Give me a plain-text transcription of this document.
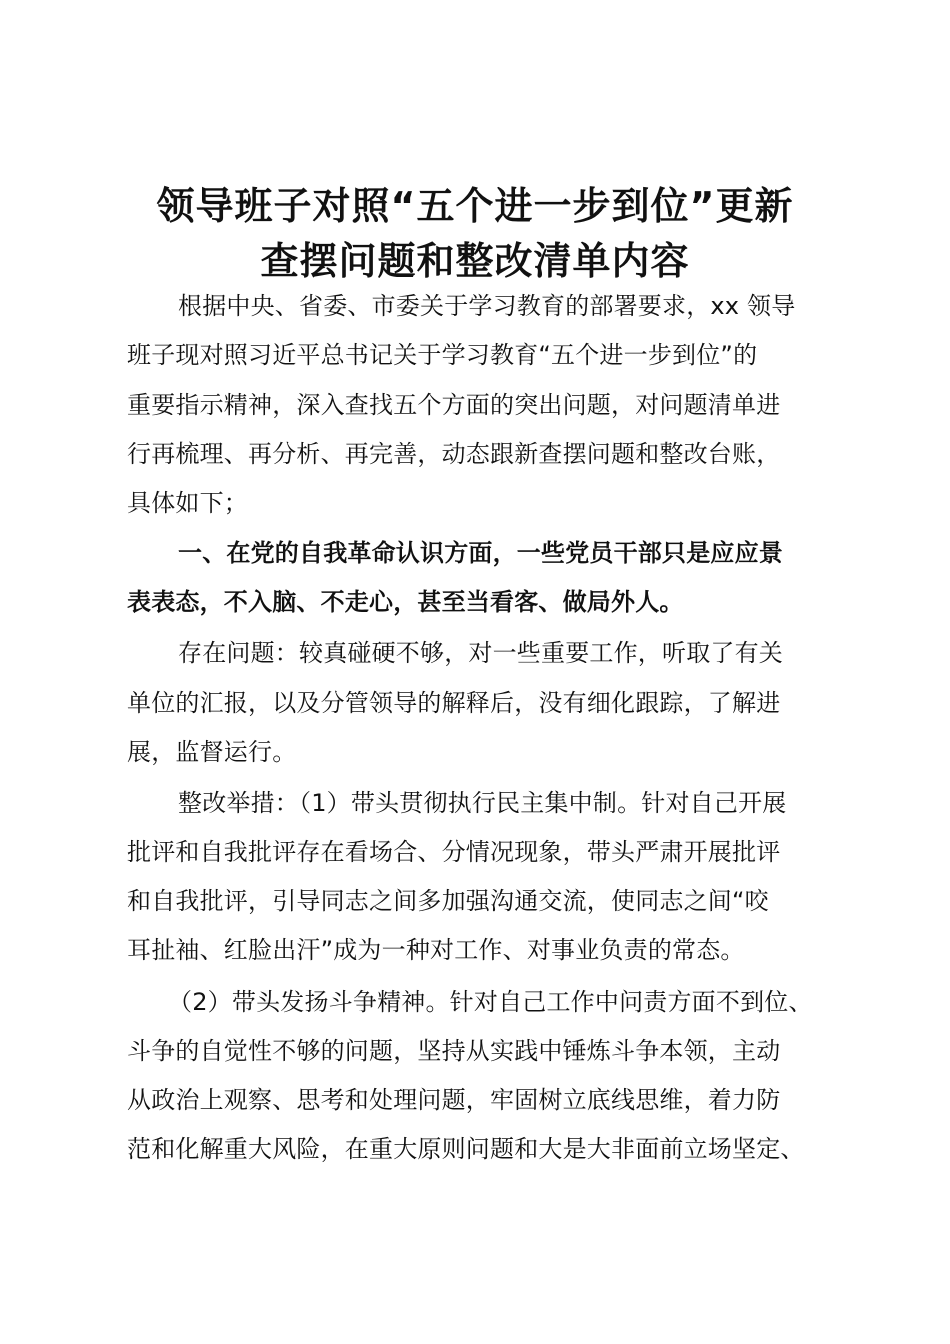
领导班子对照“五个进一步到位”更新
查摆问题和整改清单内容
根据中央、省委、市委关于学习教育的部署要求，xx 领导
班子现对照习近平总书记关于学习教育“五个进一步到位”的
重要指示精神，深入查找五个方面的突出问题，对问题清单进
行再梳理、再分析、再完善，动态跟新查摆问题和整改台账，
具体如下；
一、在党的自我革命认识方面，一些党员干部只是应应景
表表态，不入脑、不走心，甚至当看客、做局外人。
存在问题：较真碰硬不够，对一些重要工作，听取了有关
单位的汇报，以及分管领导的解释后，没有细化跟踪，了解进
展，监督运行。
整改举措：（1）带头贯彻执行民主集中制。针对自己开展
批评和自我批评存在看场合、分情况现象，带头严肃开展批评
和自我批评，引导同志之间多加强沟通交流，使同志之间“咬
耳扯袖、红脸出汗”成为一种对工作、对事业负责的常态。
（2）带头发扬斗争精神。针对自己工作中问责方面不到位、
斗争的自觉性不够的问题，坚持从实践中锤炼斗争本领，主动
从政治上观察、思考和处理问题，牢固树立底线思维，着力防
范和化解重大风险，在重大原则问题和大是大非面前立场坚定、
